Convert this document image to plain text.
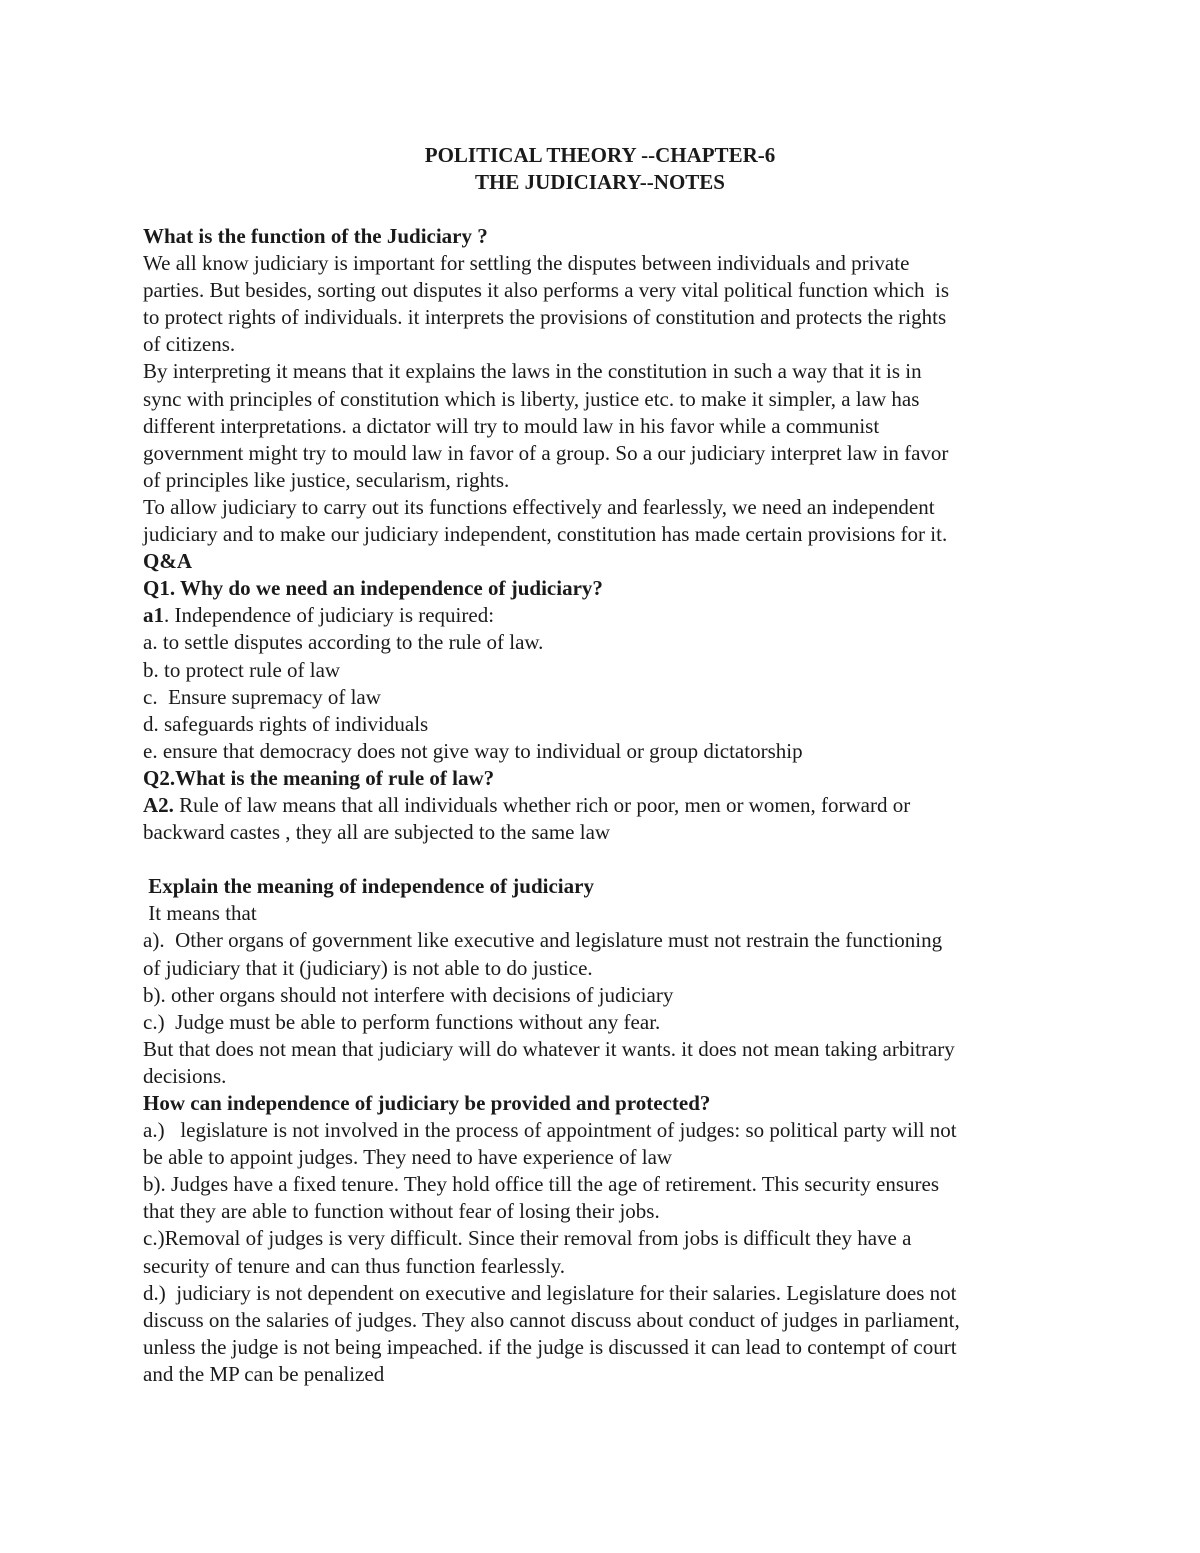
POLITICAL THEORY --CHAPTER-6
THE JUDICIARY--NOTES
What is the function of the Judiciary ?
We all know judiciary is important for settling the disputes between individuals and private
parties. But besides, sorting out disputes it also performs a very vital political function which  is
to protect rights of individuals. it interprets the provisions of constitution and protects the rights
of citizens.
By interpreting it means that it explains the laws in the constitution in such a way that it is in
sync with principles of constitution which is liberty, justice etc. to make it simpler, a law has
different interpretations. a dictator will try to mould law in his favor while a communist
government might try to mould law in favor of a group. So a our judiciary interpret law in favor
of principles like justice, secularism, rights.
To allow judiciary to carry out its functions effectively and fearlessly, we need an independent
judiciary and to make our judiciary independent, constitution has made certain provisions for it.
Q&A
Q1. Why do we need an independence of judiciary?
a1. Independence of judiciary is required:
a. to settle disputes according to the rule of law.
b. to protect rule of law
c.  Ensure supremacy of law
d. safeguards rights of individuals
e. ensure that democracy does not give way to individual or group dictatorship
Q2.What is the meaning of rule of law?
A2. Rule of law means that all individuals whether rich or poor, men or women, forward or
backward castes , they all are subjected to the same law
Explain the meaning of independence of judiciary
It means that
a).  Other organs of government like executive and legislature must not restrain the functioning
of judiciary that it (judiciary) is not able to do justice.
b). other organs should not interfere with decisions of judiciary
c.)  Judge must be able to perform functions without any fear.
But that does not mean that judiciary will do whatever it wants. it does not mean taking arbitrary
decisions.
How can independence of judiciary be provided and protected?
a.)   legislature is not involved in the process of appointment of judges: so political party will not
be able to appoint judges. They need to have experience of law
b). Judges have a fixed tenure. They hold office till the age of retirement. This security ensures
that they are able to function without fear of losing their jobs.
c.)Removal of judges is very difficult. Since their removal from jobs is difficult they have a
security of tenure and can thus function fearlessly.
d.)  judiciary is not dependent on executive and legislature for their salaries. Legislature does not
discuss on the salaries of judges. They also cannot discuss about conduct of judges in parliament,
unless the judge is not being impeached. if the judge is discussed it can lead to contempt of court
and the MP can be penalized
